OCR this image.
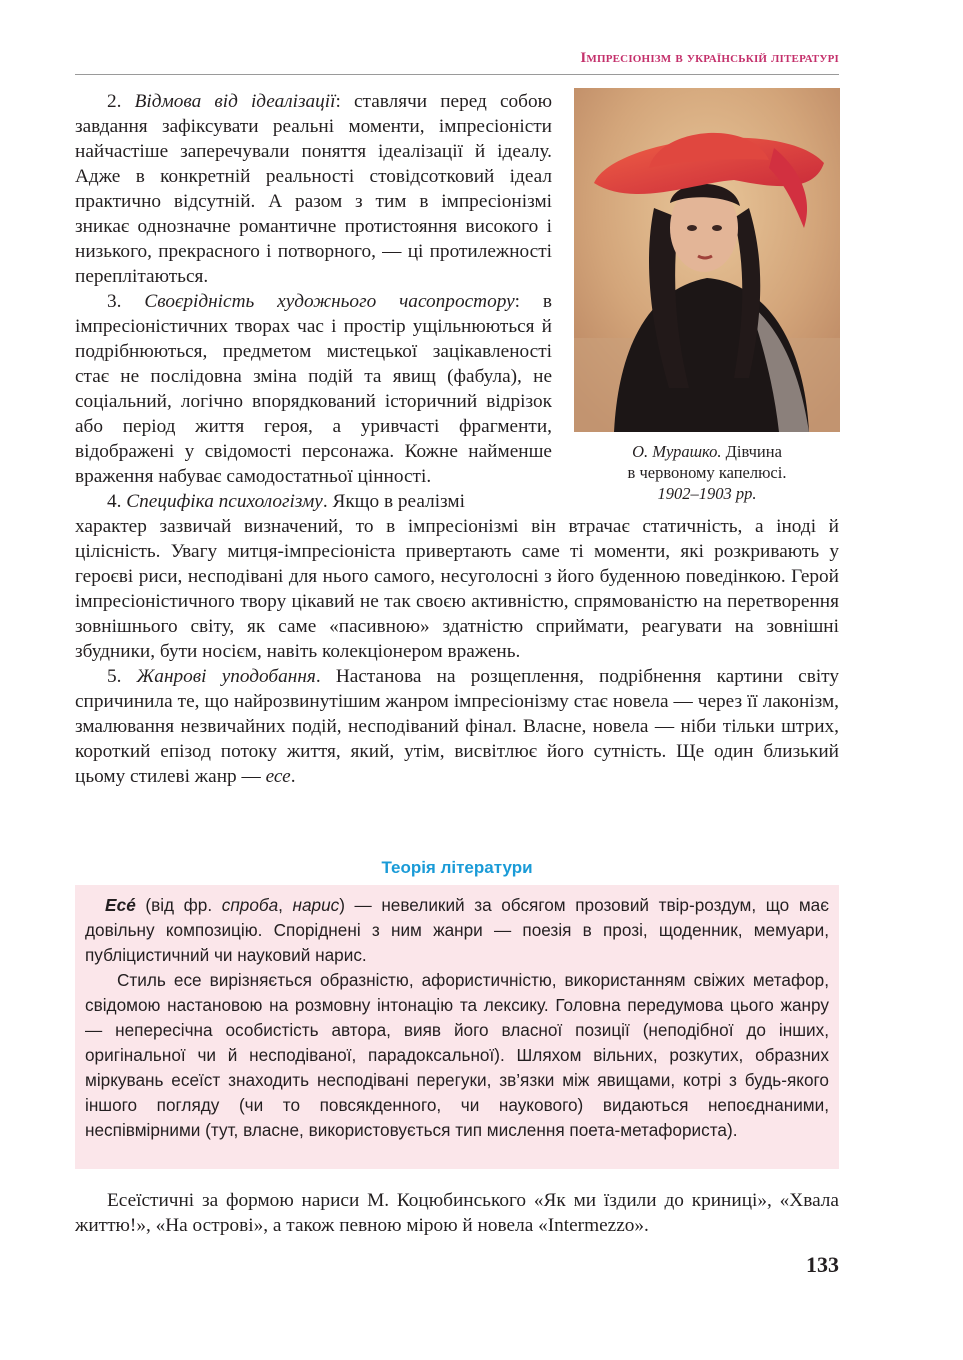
Імпресіонізм в українській літературі
О. Мурашко. Дівчина
в червоному капелюсі.
1902–1903 рр.

2. Відмова від ідеалізації: ставлячи перед собою завдання зафіксувати реальні моменти, імпресіоністи найчастіше заперечували поняття ідеалізації й ідеалу. Адже в конкретній реальності стовідсотковий ідеал практично відсутній. А разом з тим в імпресіонізмі зникає однозначне романтичне протистояння високого і низького, прекрасного і потворного, — ці протилежності переплітаються.

3. Своєрідність художнього часопростору: в імпресіоністичних творах час і простір ущільнюються й подрібнюються, предметом мистецької зацікавленості стає не послідовна зміна подій та явищ (фабула), не соціальний, логічно впорядкований історичний відрізок або період життя героя, а уривчасті фрагменти, відображені у свідомості персонажа. Кожне найменше враження набуває самодостатньої цінності.

4. Специфіка психологізму. Якщо в реалізмі

характер зазвичай визначений, то в імпресіонізмі він втрачає статичність, а іноді й цілісність. Увагу митця-імпресіоніста привертають саме ті моменти, які розкривають у героєві риси, несподівані для нього самого, несуголосні з його буденною поведінкою. Герой імпресіоністичного твору цікавий не так своєю активністю, спрямованістю на перетворення зовнішнього світу, як саме «пасивною» здатністю сприймати, реагувати на зовнішні збудники, бути носієм, навіть колекціонером вражень.

5. Жанрові уподобання. Настанова на розщеплення, подрібнення картини світу спричинила те, що найрозвинутішим жанром імпресіонізму стає новела — через її лаконізм, змалювання незвичайних подій, несподіваний фінал. Власне, новела — ніби тільки штрих, короткий епізод потоку життя, який, утім, висвітлює його сутність. Ще один близький цьому стилеві жанр — есе.

Теорія літератури

Есé (від фр. спроба, нарис) — невеликий за обсягом прозовий твір-роздум, що має довільну композицію. Споріднені з ним жанри — поезія в прозі, щоденник, мемуари, публіцистичний чи науковий нарис.

Стиль есе вирізняється образністю, афористичністю, використанням свіжих метафор, свідомою настановою на розмовну інтонацію та лексику. Головна передумова цього жанру — непересічна особистість автора, вияв його власної позиції (неподібної до інших, оригінальної чи й несподіваної, парадоксальної). Шляхом вільних, розкутих, образних міркувань есеїст знаходить несподівані перегуки, зв’язки між явищами, котрі з будь-якого іншого погляду (чи то повсякденного, чи наукового) видаються непоєднаними, неспівмірними (тут, власне, використовується тип мислення поета-метафориста).

Есеїстичні за формою нариси М. Коцюбинського «Як ми їздили до криниці», «Хвала життю!», «На острові», а також певною мірою й новела «Intermezzo».

133
